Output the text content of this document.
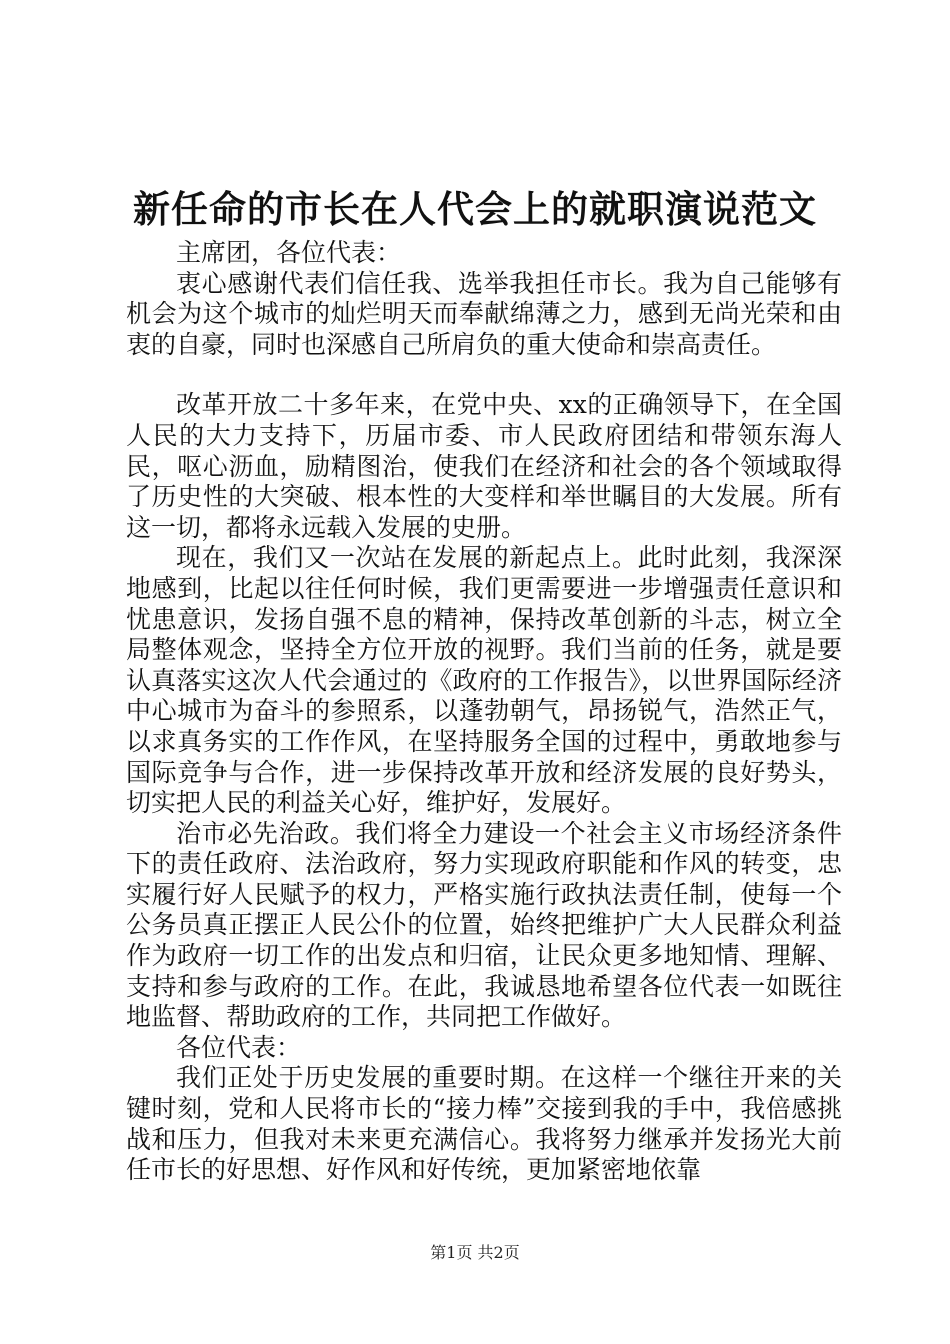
新任命的市长在人代会上的就职演说范文

主席团，各位代表：

衷心感谢代表们信任我、选举我担任市长。我为自己能够有机会为这个城市的灿烂明天而奉献绵薄之力，感到无尚光荣和由衷的自豪，同时也深感自己所肩负的重大使命和崇高责任。

改革开放二十多年来，在党中央、xx的正确领导下，在全国人民的大力支持下，历届市委、市人民政府团结和带领东海人民，呕心沥血，励精图治，使我们在经济和社会的各个领域取得了历史性的大突破、根本性的大变样和举世瞩目的大发展。所有这一切，都将永远载入发展的史册。

现在，我们又一次站在发展的新起点上。此时此刻，我深深地感到，比起以往任何时候，我们更需要进一步增强责任意识和忧患意识，发扬自强不息的精神，保持改革创新的斗志，树立全局整体观念，坚持全方位开放的视野。我们当前的任务，就是要认真落实这次人代会通过的《政府的工作报告》，以世界国际经济中心城市为奋斗的参照系，以蓬勃朝气，昂扬锐气，浩然正气，以求真务实的工作作风，在坚持服务全国的过程中，勇敢地参与国际竞争与合作，进一步保持改革开放和经济发展的良好势头，切实把人民的利益关心好，维护好，发展好。

治市必先治政。我们将全力建设一个社会主义市场经济条件下的责任政府、法治政府，努力实现政府职能和作风的转变，忠实履行好人民赋予的权力，严格实施行政执法责任制，使每一个公务员真正摆正人民公仆的位置，始终把维护广大人民群众利益作为政府一切工作的出发点和归宿，让民众更多地知情、理解、支持和参与政府的工作。在此，我诚恳地希望各位代表一如既往地监督、帮助政府的工作，共同把工作做好。

各位代表：

我们正处于历史发展的重要时期。在这样一个继往开来的关键时刻，党和人民将市长的“接力棒”交接到我的手中，我倍感挑战和压力，但我对未来更充满信心。我将努力继承并发扬光大前任市长的好思想、好作风和好传统，更加紧密地依靠

第1页 共2页
